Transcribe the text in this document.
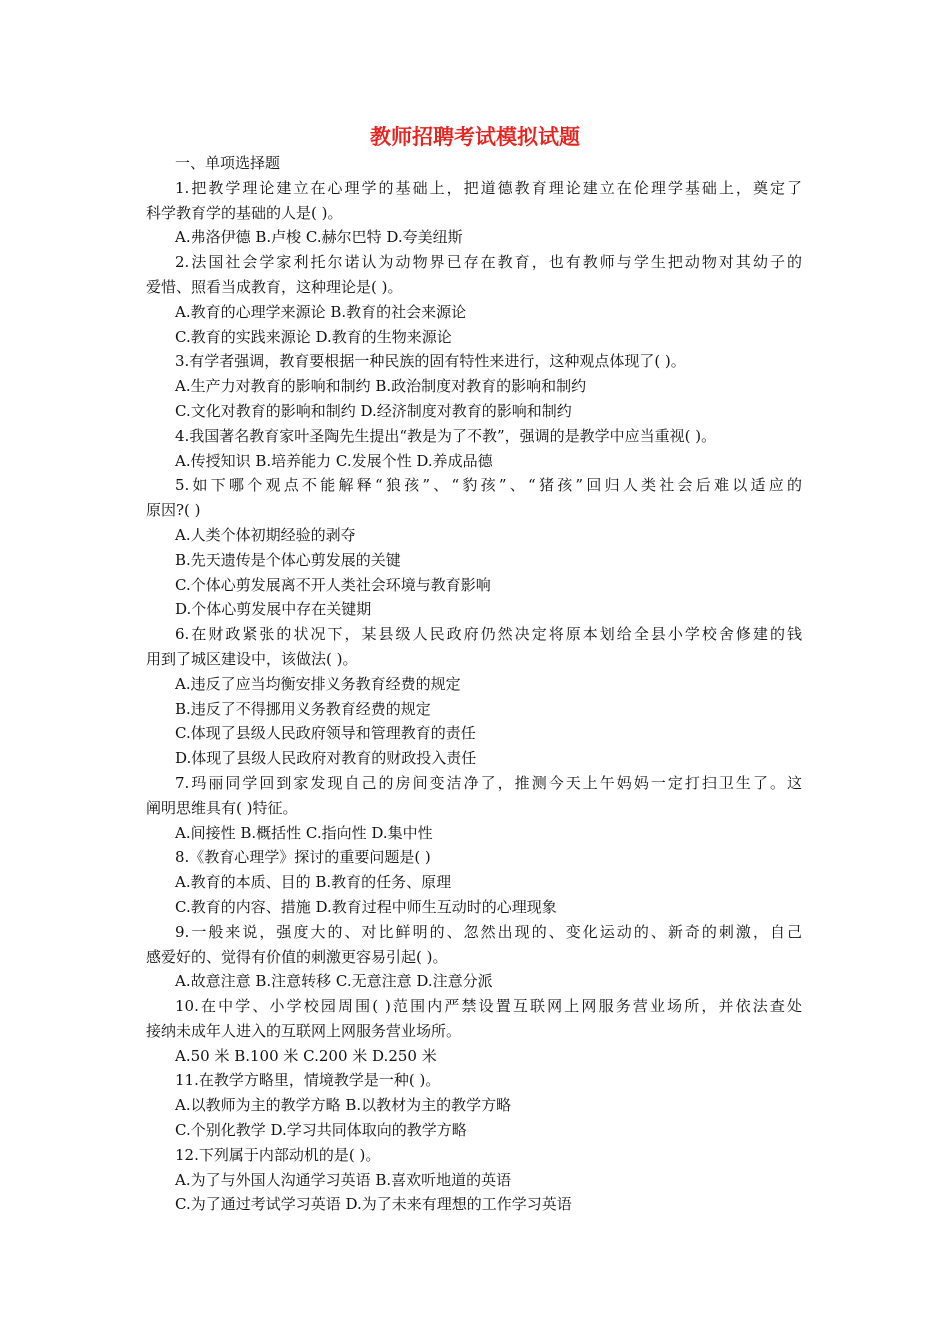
教师招聘考试模拟试题
一、单项选择题
1.把教学理论建立在心理学的基础上，把道德教育理论建立在伦理学基础上，奠定了
科学教育学的基础的人是( )。
A.弗洛伊德 B.卢梭 C.赫尔巴特 D.夸美纽斯
2.法国社会学家利托尔诺认为动物界已存在教育，也有教师与学生把动物对其幼子的
爱惜、照看当成教育，这种理论是( )。
A.教育的心理学来源论 B.教育的社会来源论
C.教育的实践来源论 D.教育的生物来源论
3.有学者强调，教育要根据一种民族的固有特性来进行，这种观点体现了( )。
A.生产力对教育的影响和制约 B.政治制度对教育的影响和制约
C.文化对教育的影响和制约 D.经济制度对教育的影响和制约
4.我国著名教育家叶圣陶先生提出“教是为了不教”，强调的是教学中应当重视( )。
A.传授知识 B.培养能力 C.发展个性 D.养成品德
5.如下哪个观点不能解释“狼孩”、“豹孩”、“猪孩”回归人类社会后难以适应的
原因?( )
A.人类个体初期经验的剥夺
B.先天遗传是个体心剪发展的关键
C.个体心剪发展离不开人类社会环境与教育影响
D.个体心剪发展中存在关键期
6.在财政紧张的状况下，某县级人民政府仍然决定将原本划给全县小学校舍修建的钱
用到了城区建设中，该做法( )。
A.违反了应当均衡安排义务教育经费的规定
B.违反了不得挪用义务教育经费的规定
C.体现了县级人民政府领导和管理教育的责任
D.体现了县级人民政府对教育的财政投入责任
7.玛丽同学回到家发现自己的房间变洁净了，推测今天上午妈妈一定打扫卫生了。这
阐明思维具有( )特征。
A.间接性 B.概括性 C.指向性 D.集中性
8.《教育心理学》探讨的重要问题是( )
A.教育的本质、目的 B.教育的任务、原理
C.教育的内容、措施 D.教育过程中师生互动时的心理现象
9.一般来说，强度大的、对比鲜明的、忽然出现的、变化运动的、新奇的刺激，自己
感爱好的、觉得有价值的刺激更容易引起( )。
A.故意注意 B.注意转移 C.无意注意 D.注意分派
10.在中学、小学校园周围( )范围内严禁设置互联网上网服务营业场所，并依法查处
接纳未成年人进入的互联网上网服务营业场所。
A.50 米 B.100 米 C.200 米 D.250 米
11.在教学方略里，情境教学是一种( )。
A.以教师为主的教学方略 B.以教材为主的教学方略
C.个别化教学 D.学习共同体取向的教学方略
12.下列属于内部动机的是( )。
A.为了与外国人沟通学习英语 B.喜欢听地道的英语
C.为了通过考试学习英语 D.为了未来有理想的工作学习英语
